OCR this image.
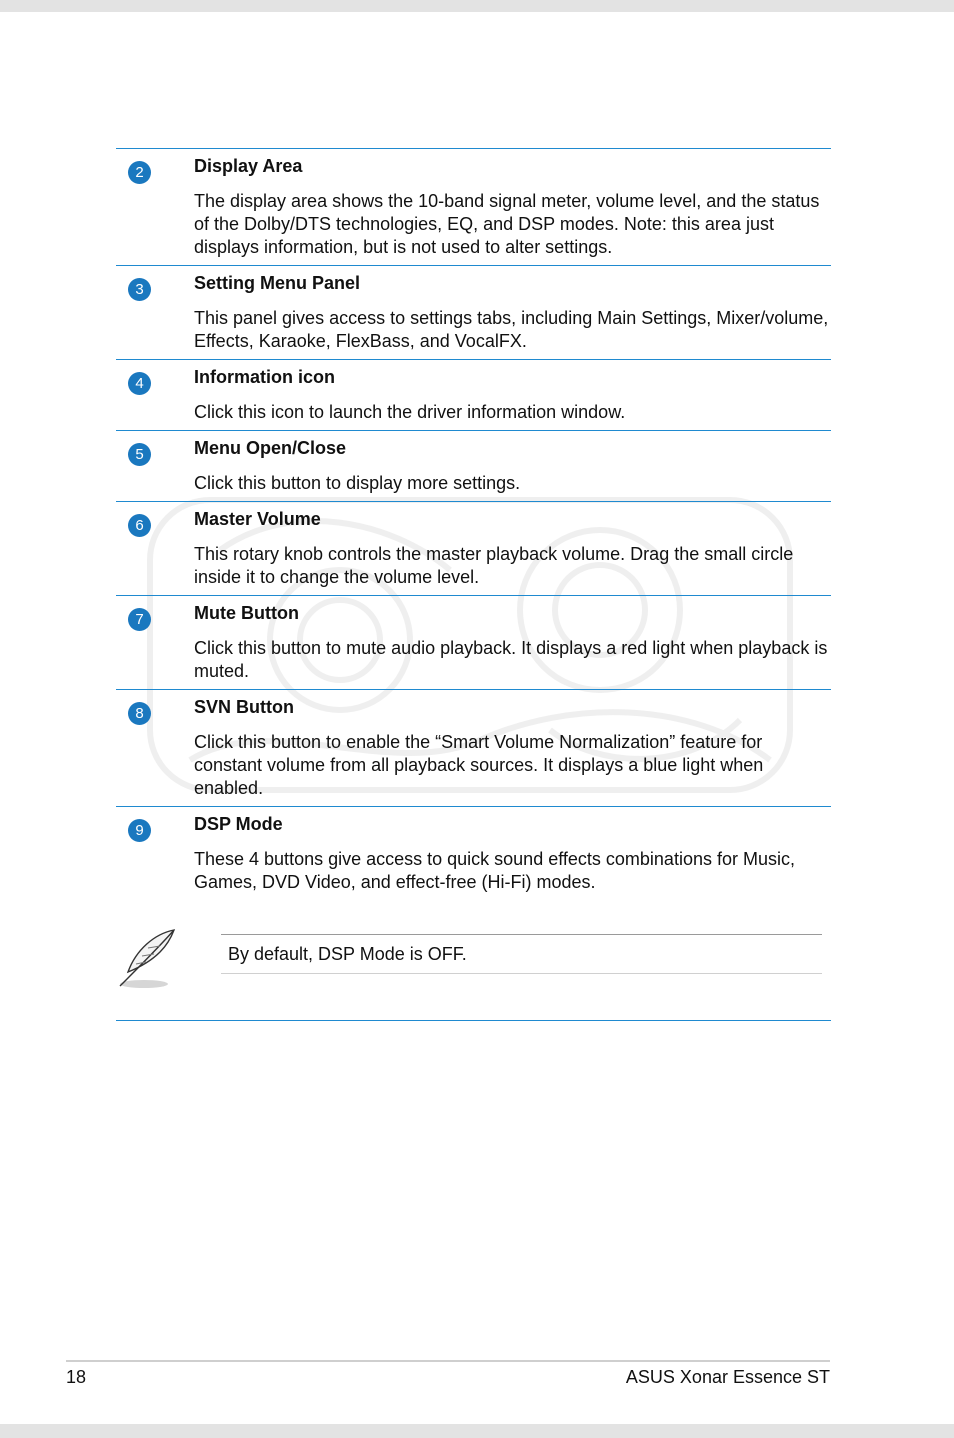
2	Display Area

The display area shows the 10-band signal meter, volume level, and the status of the Dolby/DTS technologies, EQ, and DSP modes. Note: this area just displays information, but is not used to alter settings.

3	Setting Menu Panel

This panel gives access to settings tabs, including Main Settings, Mixer/volume, Effects, Karaoke, FlexBass, and VocalFX.

4	Information icon

Click this icon to launch the driver information window.

5	Menu Open/Close

Click this button to display more settings.

6	Master Volume

This rotary knob controls the master playback volume. Drag the small circle inside it to change the volume level.

7	Mute Button

Click this button to mute audio playback. It displays a red light when playback is muted.

8	SVN Button

Click this button to enable the “Smart Volume Normalization” feature for constant volume from all playback sources. It displays a blue light when enabled.

9	DSP Mode

These 4 buttons give access to quick sound effects combinations for Music, Games, DVD Video, and effect-free (Hi-Fi) modes.

By default, DSP Mode is OFF.

18	ASUS Xonar Essence ST
